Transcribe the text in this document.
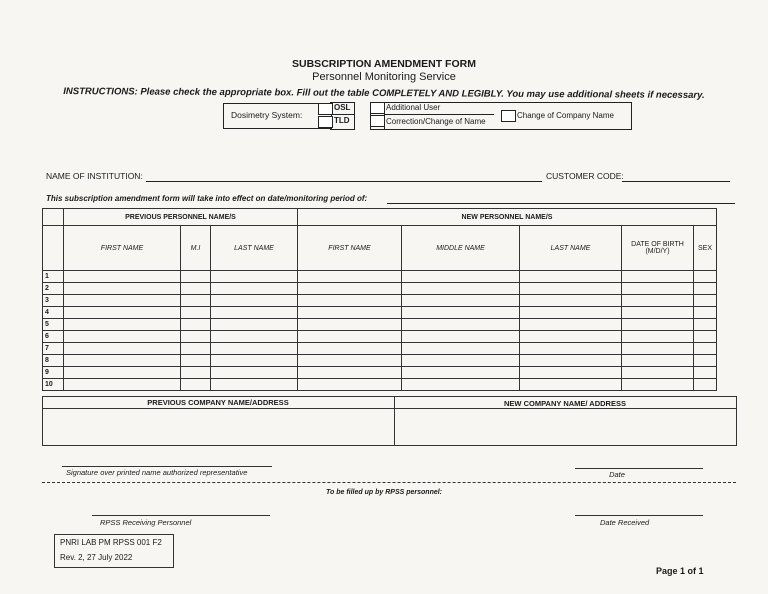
SUBSCRIPTION AMENDMENT FORM
Personnel Monitoring Service
INSTRUCTIONS: Please check the appropriate box. Fill out the table COMPLETELY AND LEGIBLY. You may use additional sheets if necessary.
Dosimetry System:
OSL
TLD
Additional User
Correction/Change of Name
Change of Company Name
NAME OF INSTITUTION:	CUSTOMER CODE:
This subscription amendment form will take into effect on date/monitoring period of:
	PREVIOUS PERSONNEL NAME/S			NEW PERSONNEL NAME/S				
	FIRST NAME	M.I	LAST NAME	FIRST NAME	MIDDLE NAME	LAST NAME	DATE OF BIRTH (M/D/Y)	SEX
1								
2								
3								
4								
5								
6								
7								
8								
9								
10								
PREVIOUS COMPANY NAME/ADDRESS	NEW COMPANY NAME/ ADDRESS
Signature over printed name authorized representative	Date
To be filled up by RPSS personnel:
RPSS Receiving Personnel	Date Received
PNRI LAB PM RPSS 001 F2
Rev. 2, 27 July 2022
Page 1 of 1
